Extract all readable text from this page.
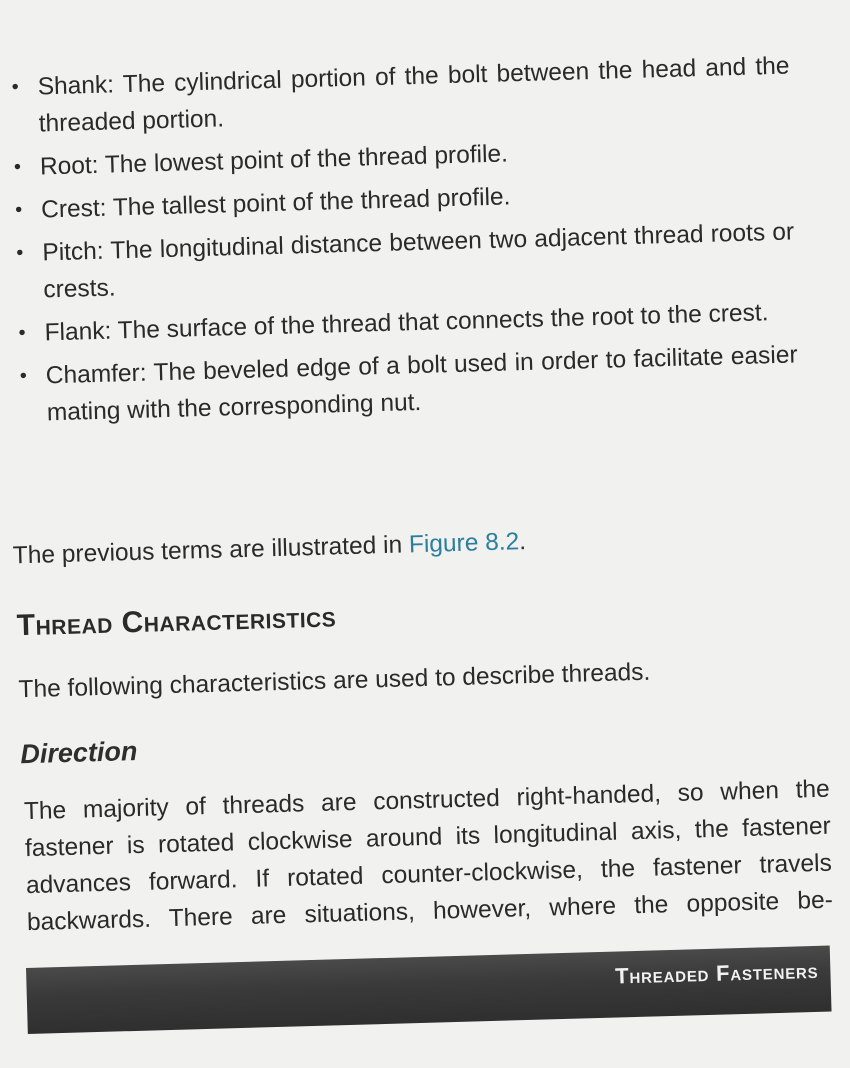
• Shank: The cylindrical portion of the bolt between the head and the threaded portion.
• Root: The lowest point of the thread profile.
• Crest: The tallest point of the thread profile.
• Pitch: The longitudinal distance between two adjacent thread roots or crests.
• Flank: The surface of the thread that connects the root to the crest.
• Chamfer: The beveled edge of a bolt used in order to facilitate easier mating with the corresponding nut.
The previous terms are illustrated in Figure 8.2.
Thread Characteristics
The following characteristics are used to describe threads.
Direction
The majority of threads are constructed right-handed, so when the fastener is rotated clockwise around its longitudinal axis, the fastener advances forward. If rotated counter-clockwise, the fastener travels backwards. There are situations, however, where the opposite be-
Threaded Fasteners
